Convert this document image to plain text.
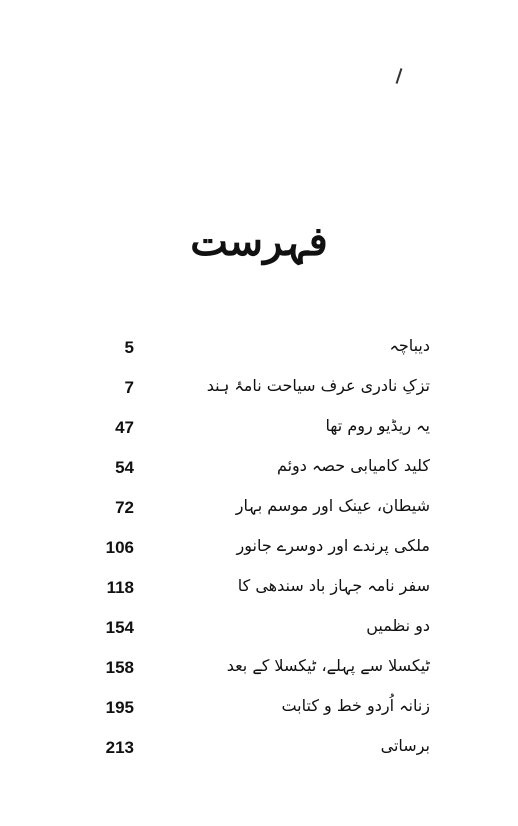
فہرست
5	دیباچہ
7	تزکِ نادری عرف سیاحت نامۂ ہند
47	یہ ریڈیو روم تھا
54	کلید کامیابی حصہ دوئم
72	شیطان، عینک اور موسم بہار
106	ملکی پرندے اور دوسرے جانور
118	سفر نامہ جہاز باد سندھی کا
154	دو نظمیں
158	ٹیکسلا سے پہلے، ٹیکسلا کے بعد
195	زنانہ اُردو خط و کتابت
213	برساتی
